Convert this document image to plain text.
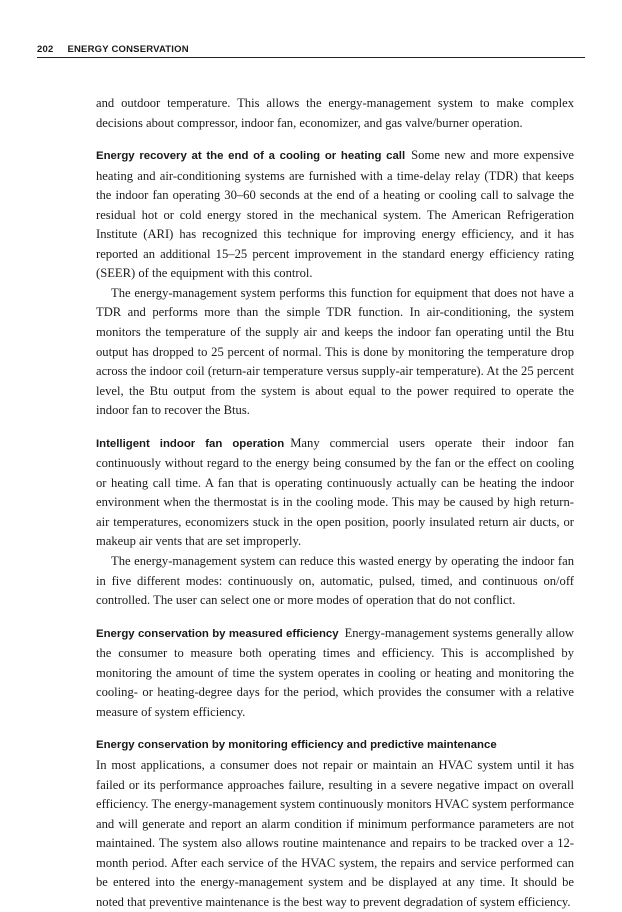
202 ENERGY CONSERVATION

and outdoor temperature. This allows the energy-management system to make complex decisions about compressor, indoor fan, economizer, and gas valve/burner operation.

Energy recovery at the end of a cooling or heating call Some new and more expensive heating and air-conditioning systems are furnished with a time-delay relay (TDR) that keeps the indoor fan operating 30–60 seconds at the end of a heating or cooling call to salvage the residual hot or cold energy stored in the mechanical system. The American Refrigeration Institute (ARI) has recognized this technique for improving energy efficiency, and it has reported an additional 15–25 percent improvement in the standard energy efficiency rating (SEER) of the equipment with this control.

The energy-management system performs this function for equipment that does not have a TDR and performs more than the simple TDR function. In air-conditioning, the system monitors the temperature of the supply air and keeps the indoor fan operating until the Btu output has dropped to 25 percent of normal. This is done by monitoring the temperature drop across the indoor coil (return-air temperature versus supply-air temperature). At the 25 percent level, the Btu output from the system is about equal to the power required to operate the indoor fan to recover the Btus.

Intelligent indoor fan operation Many commercial users operate their indoor fan continuously without regard to the energy being consumed by the fan or the effect on cooling or heating call time. A fan that is operating continuously actually can be heating the indoor environment when the thermostat is in the cooling mode. This may be caused by high return-air temperatures, economizers stuck in the open position, poorly insulated return air ducts, or makeup air vents that are set improperly.

The energy-management system can reduce this wasted energy by operating the indoor fan in five different modes: continuously on, automatic, pulsed, timed, and continuous on/off controlled. The user can select one or more modes of operation that do not conflict.

Energy conservation by measured efficiency Energy-management systems generally allow the consumer to measure both operating times and efficiency. This is accomplished by monitoring the amount of time the system operates in cooling or heating and monitoring the cooling- or heating-degree days for the period, which provides the consumer with a relative measure of system efficiency.

Energy conservation by monitoring efficiency and predictive maintenance

In most applications, a consumer does not repair or maintain an HVAC system until it has failed or its performance approaches failure, resulting in a severe negative impact on overall efficiency. The energy-management system continuously monitors HVAC system performance and will generate and report an alarm condition if minimum performance parameters are not maintained. The system also allows routine maintenance and repairs to be tracked over a 12-month period. After each service of the HVAC system, the repairs and service performed can be entered into the energy-management system and be displayed at any time. It should be noted that preventive maintenance is the best way to prevent degradation of system efficiency.
